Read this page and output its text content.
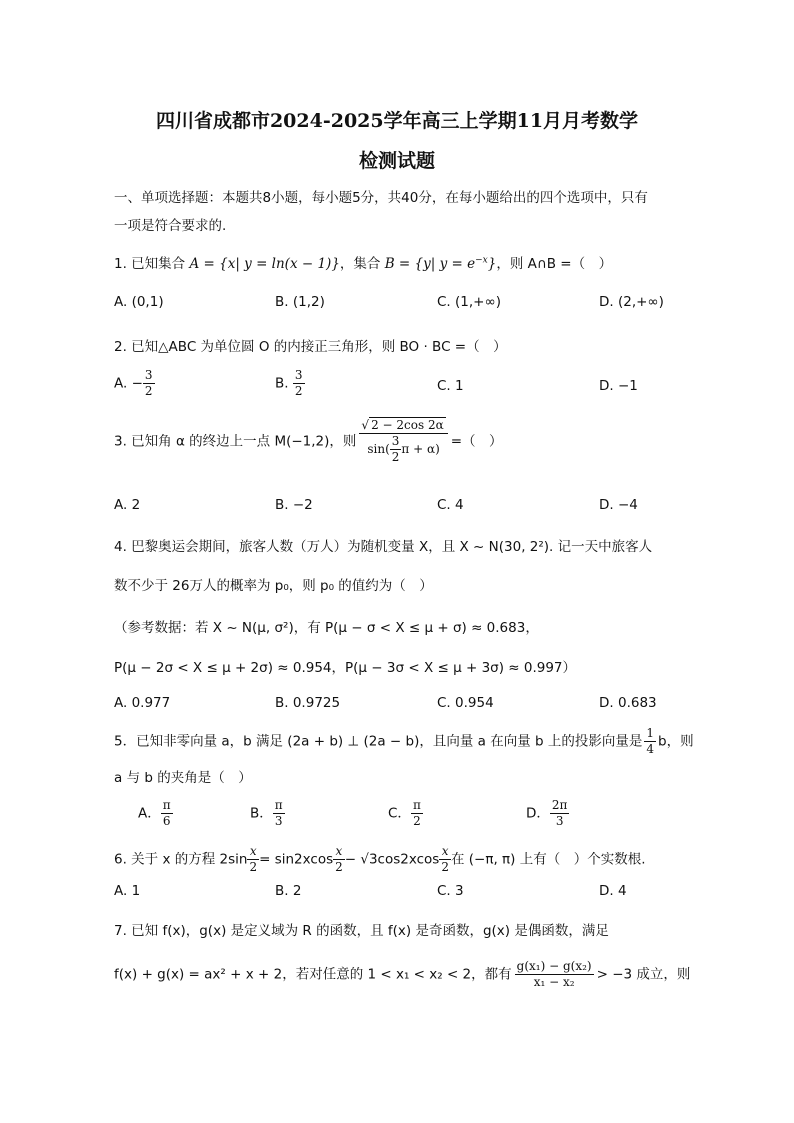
四川省成都市2024-2025学年高三上学期11月月考数学
检测试题
一、单项选择题：本题共8小题，每小题5分，共40分，在每小题给出的四个选项中，只有
一项是符合要求的.
1. 已知集合 A = {x| y = ln(x − 1)}，集合 B = {y| $y = e^{-x}$}，则 A∩B =（　）
A. (0,1)	B. (1,2)	C. (1,+∞)	D. (2,+∞)
2. 已知△ABC 为单位圆 O 的内接正三角形，则 BO · BC =（　）
A. − $\frac{3}{2}$	B. $\frac{3}{2}$	C. 1	D. −1
3. 已知角 α 的终边上一点 M(−1,2)，则 $\frac{√ 2 - 2\cos 2\alpha}{\sin( \frac{3}{2} \pi + \alpha)}$ =（　）
A. 2	B. −2	C. 4	D. −4
4. 巴黎奥运会期间，旅客人数（万人）为随机变量 X，且 X ~ N(30, 2²). 记一天中旅客人
数不少于 26万人的概率为 p₀，则 p₀ 的值约为（　）
（参考数据：若 X ~ N(μ, σ²)，有 P(μ − σ < X ≤ μ + σ) ≈ 0.683，
P(μ − 2σ < X ≤ μ + 2σ) ≈ 0.954，P(μ − 3σ < X ≤ μ + 3σ) ≈ 0.997）
A. 0.977	B. 0.9725	C. 0.954	D. 0.683
5．已知非零向量 a，b 满足 (2a + b) ⊥ (2a − b)，且向量 a 在向量 b 上的投影向量是 $\frac{1}{4}$ b，则
a 与 b 的夹角是（　）
A． $\frac{\pi}{6}$	B． $\frac{\pi}{3}$	C． $\frac{\pi}{2}$	D． $\frac{2\pi}{3}$
6. 关于 x 的方程 $2\sin \frac{x}{2} = \sin 2xcos \frac{x}{2} - √3\cos 2xcos \frac{x}{2}$ 在 (−π, π) 上有（　）个实数根.
A. 1	B. 2	C. 3	D. 4
7. 已知 f(x)，g(x) 是定义域为 R 的函数，且 f(x) 是奇函数，g(x) 是偶函数，满足
f(x) + g(x) = ax² + x + 2，若对任意的 1 < x₁ < x₂ < 2，都有 $\frac{\text{g(x₁) − g(x₂)}}{\text{x₁ − x₂}} > -3$ 成立，则
